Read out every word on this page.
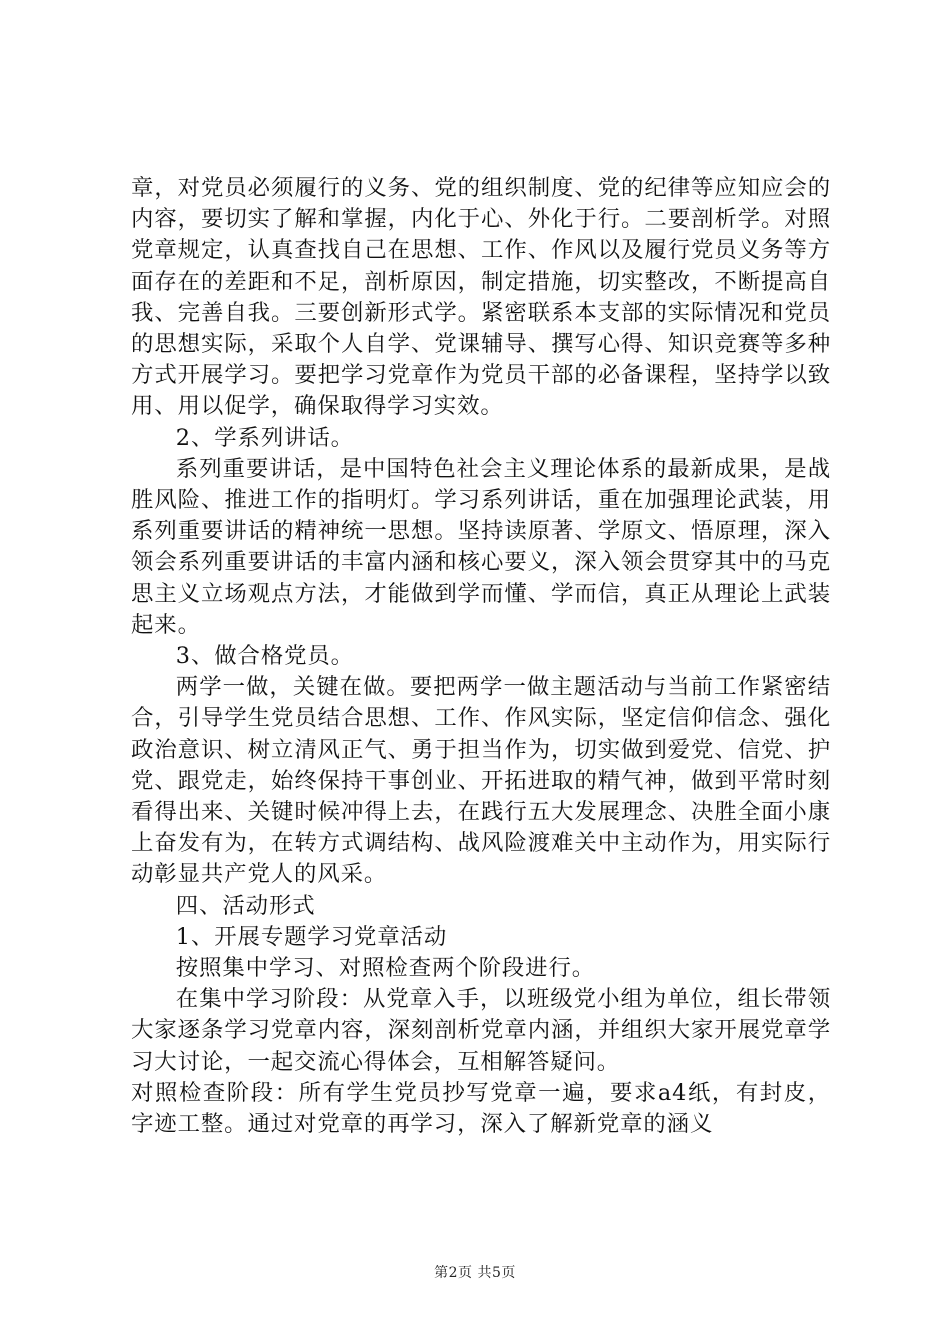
章，对党员必须履行的义务、党的组织制度、党的纪律等应知应会的内容，要切实了解和掌握，内化于心、外化于行。二要剖析学。对照党章规定，认真查找自己在思想、工作、作风以及履行党员义务等方面存在的差距和不足，剖析原因，制定措施，切实整改，不断提高自我、完善自我。三要创新形式学。紧密联系本支部的实际情况和党员的思想实际，采取个人自学、党课辅导、撰写心得、知识竞赛等多种方式开展学习。要把学习党章作为党员干部的必备课程，坚持学以致用、用以促学，确保取得学习实效。

2、学系列讲话。

系列重要讲话，是中国特色社会主义理论体系的最新成果，是战胜风险、推进工作的指明灯。学习系列讲话，重在加强理论武装，用系列重要讲话的精神统一思想。坚持读原著、学原文、悟原理，深入领会系列重要讲话的丰富内涵和核心要义，深入领会贯穿其中的马克思主义立场观点方法，才能做到学而懂、学而信，真正从理论上武装起来。

3、做合格党员。

两学一做，关键在做。要把两学一做主题活动与当前工作紧密结合，引导学生党员结合思想、工作、作风实际，坚定信仰信念、强化政治意识、树立清风正气、勇于担当作为，切实做到爱党、信党、护党、跟党走，始终保持干事创业、开拓进取的精气神，做到平常时刻看得出来、关键时候冲得上去，在践行五大发展理念、决胜全面小康上奋发有为，在转方式调结构、战风险渡难关中主动作为，用实际行动彰显共产党人的风采。

四、活动形式

1、开展专题学习党章活动

按照集中学习、对照检查两个阶段进行。

在集中学习阶段：从党章入手，以班级党小组为单位，组长带领大家逐条学习党章内容，深刻剖析党章内涵，并组织大家开展党章学习大讨论，一起交流心得体会，互相解答疑问。

对照检查阶段：所有学生党员抄写党章一遍，要求a4纸，有封皮，字迹工整。通过对党章的再学习，深入了解新党章的涵义

第2页 共5页
